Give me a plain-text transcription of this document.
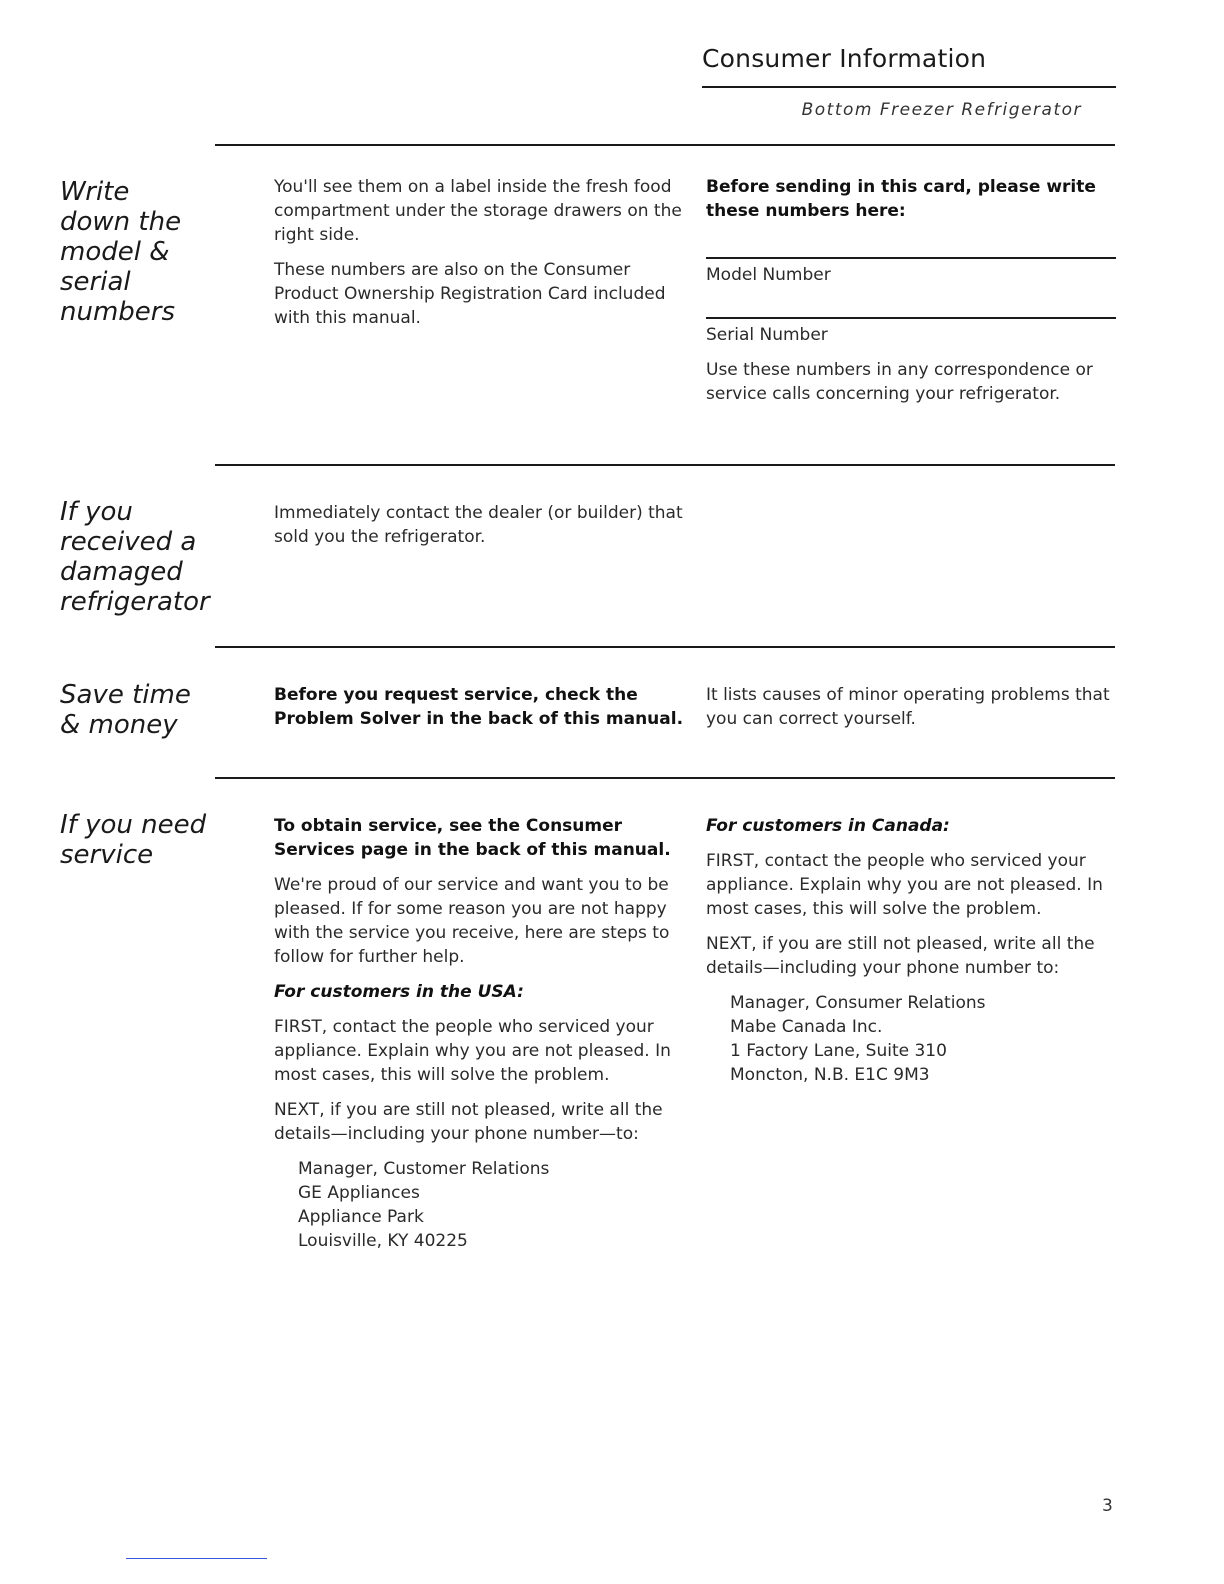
Consumer Information
Bottom Freezer Refrigerator
Write
down the
model &
serial
numbers

You'll see them on a label inside the fresh food compartment under the storage drawers on the right side.

These numbers are also on the Consumer Product Ownership Registration Card included with this manual.

Before sending in this card, please write these numbers here:

Model Number

Serial Number

Use these numbers in any correspondence or service calls concerning your refrigerator.

If you
received a
damaged
refrigerator

Immediately contact the dealer (or builder) that sold you the refrigerator.

Save time
& money

Before you request service, check the Problem Solver in the back of this manual.

It lists causes of minor operating problems that you can correct yourself.

If you need
service

To obtain service, see the Consumer Services page in the back of this manual.

We're proud of our service and want you to be pleased. If for some reason you are not happy with the service you receive, here are steps to follow for further help.

For customers in the USA:

FIRST, contact the people who serviced your appliance. Explain why you are not pleased. In most cases, this will solve the problem.

NEXT, if you are still not pleased, write all the details—including your phone number—to:

Manager, Customer Relations
GE Appliances
Appliance Park
Louisville, KY 40225

For customers in Canada:

FIRST, contact the people who serviced your appliance. Explain why you are not pleased. In most cases, this will solve the problem.

NEXT, if you are still not pleased, write all the details—including your phone number to:

Manager, Consumer Relations
Mabe Canada Inc.
1 Factory Lane, Suite 310
Moncton, N.B. E1C 9M3
3
